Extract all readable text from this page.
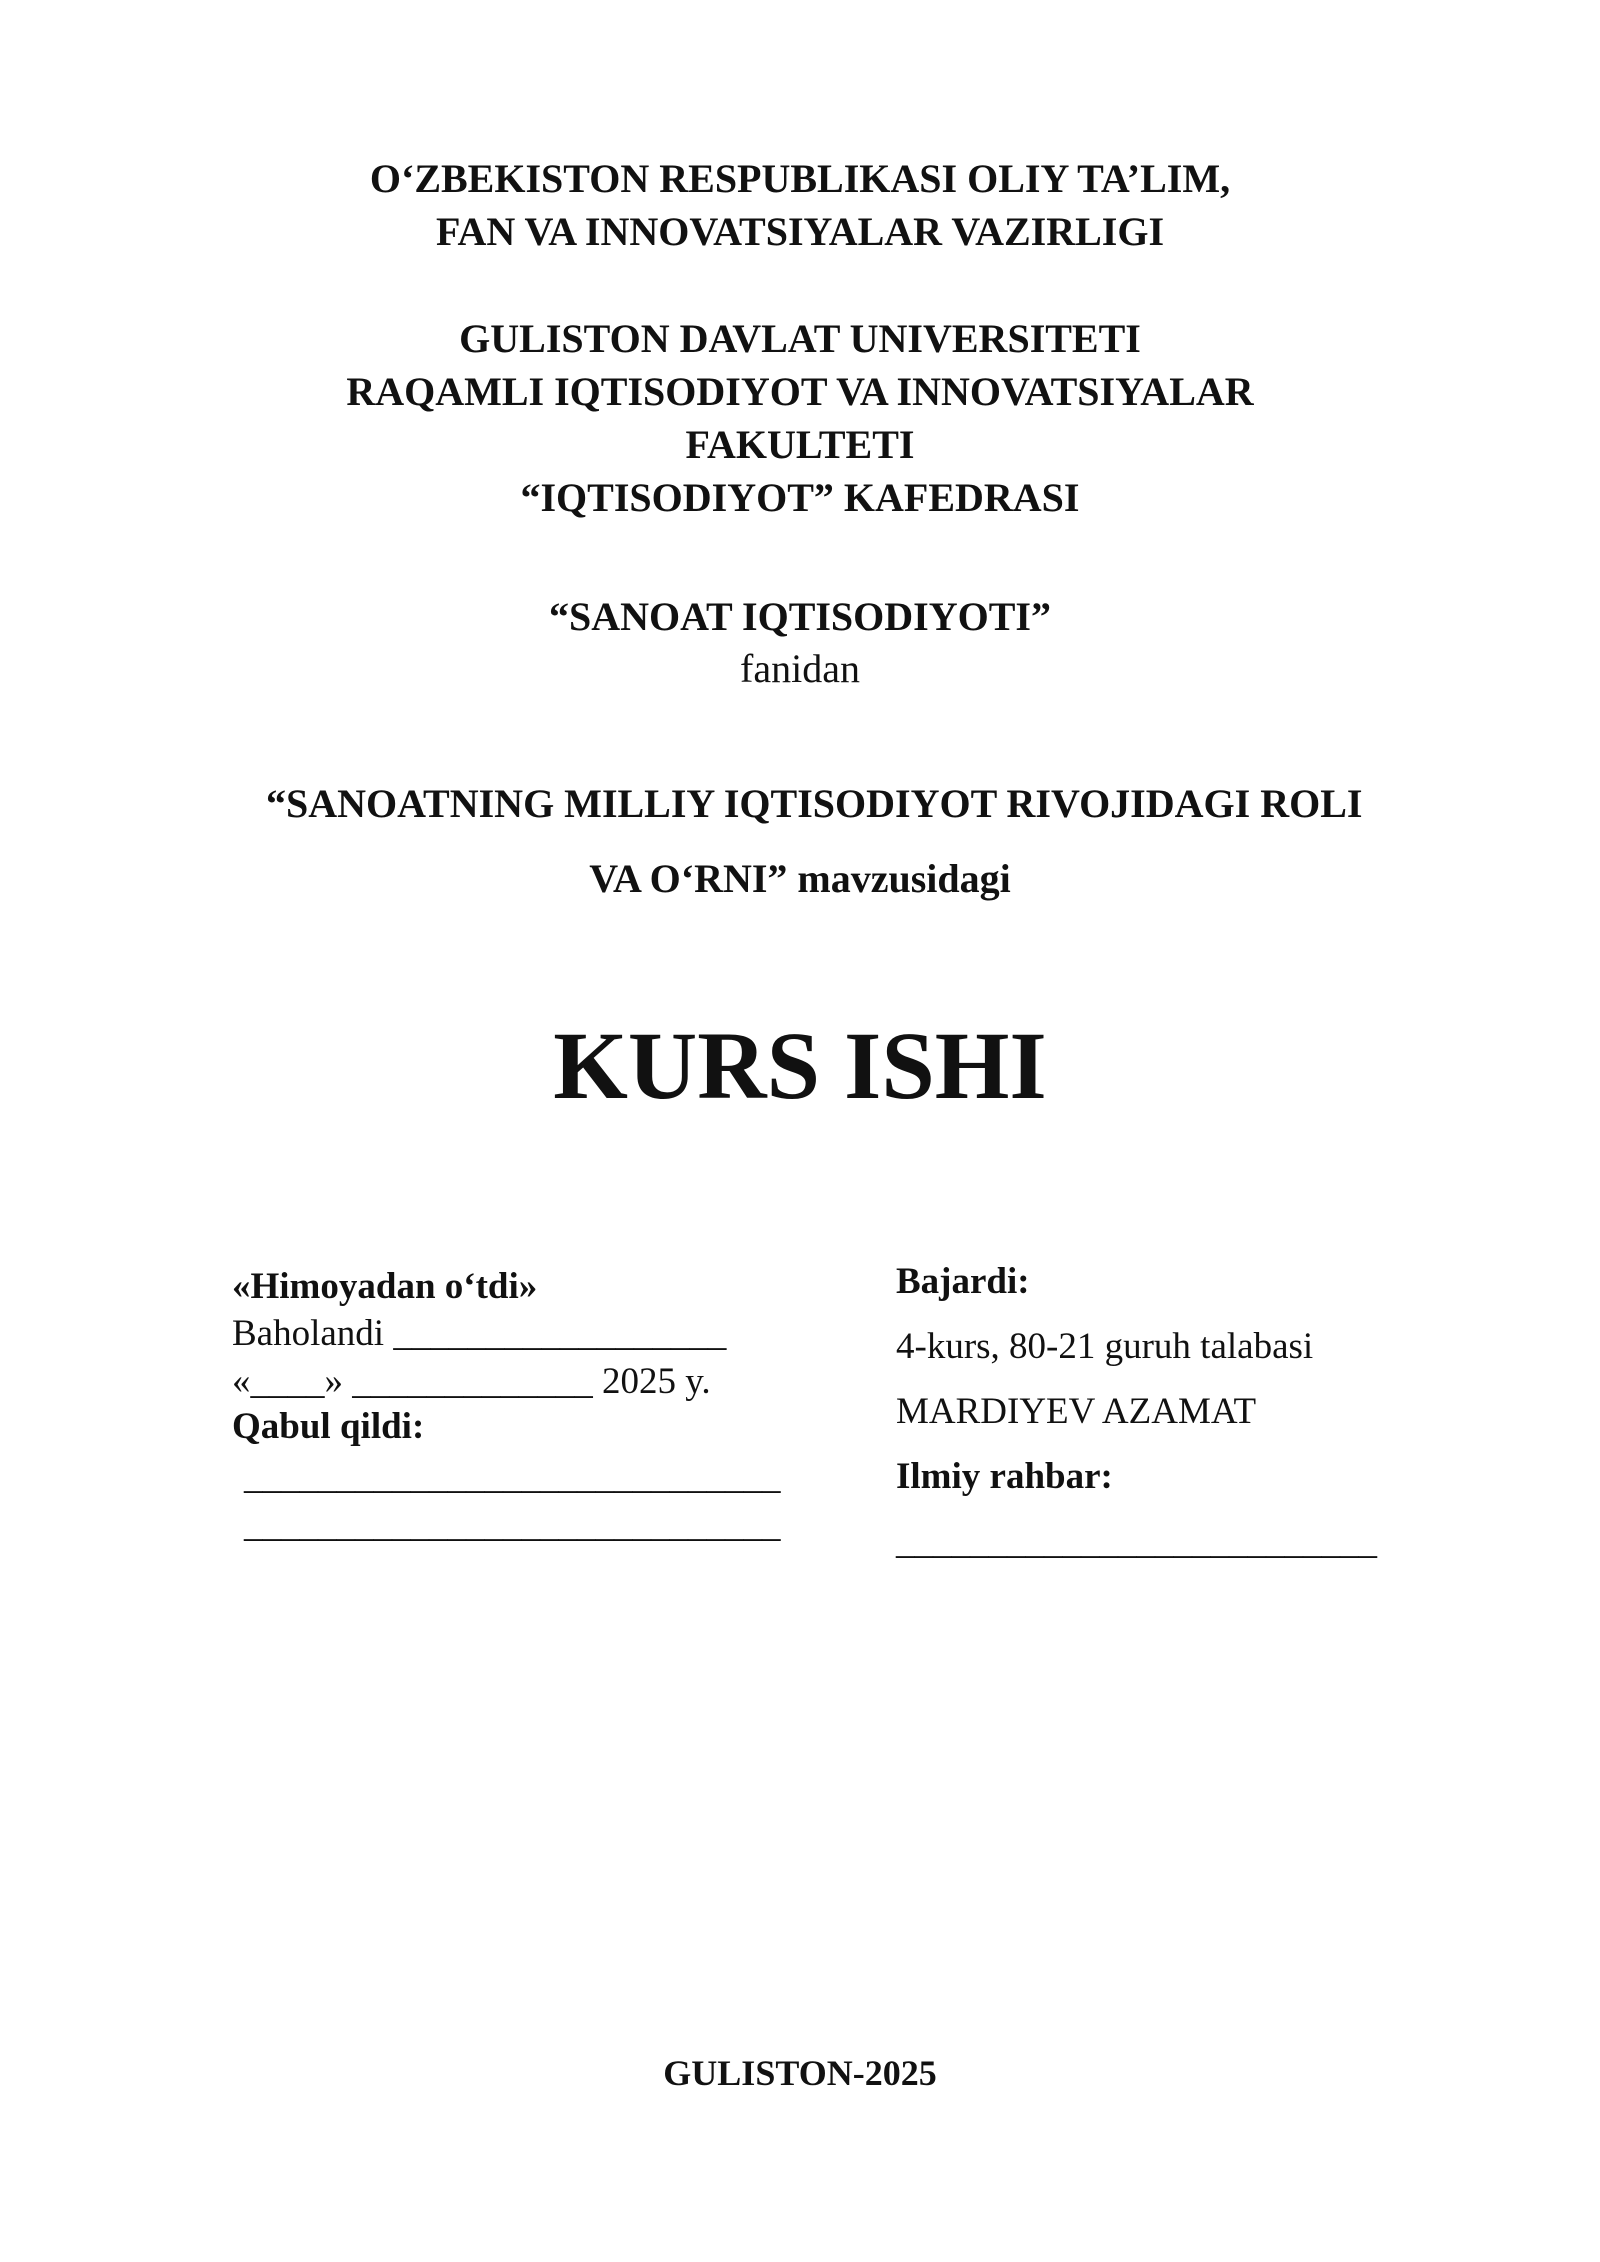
O‘ZBEKISTON RESPUBLIKASI OLIY TA’LIM,
FAN VA INNOVATSIYALAR VAZIRLIGI
GULISTON DAVLAT UNIVERSITETI
RAQAMLI IQTISODIYOT VA INNOVATSIYALAR
FAKULTETI
“IQTISODIYOT” KAFEDRASI
“SANOAT IQTISODIYOTI”
fanidan
“SANOATNING MILLIY IQTISODIYOT RIVOJIDAGI ROLI
VA O‘RNI” mavzusidagi
KURS ISHI
«Himoyadan o‘tdi»
Baholandi __________________
«____» _____________ 2025 y.
Qabul qildi:
_____________________________
_____________________________
Bajardi:
4-kurs, 80-21 guruh talabasi
MARDIYEV AZAMAT
Ilmiy rahbar:
__________________________
GULISTON-2025
